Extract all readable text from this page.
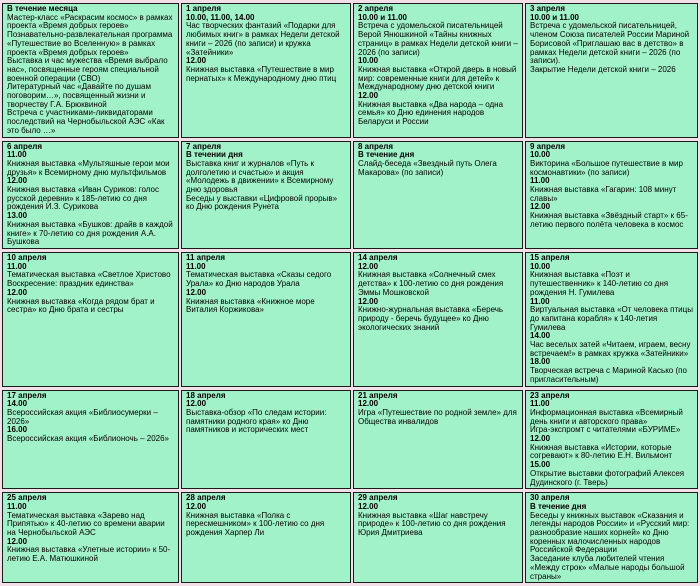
В течение месяца
Мастер-класс «Раскрасим космос» в рамках проекта «Время добрых героев»
Познавательно-развлекательная программа «Путешествие во Вселенную» в рамках проекта «Время добрых героев»
Выставка и час мужества «Время выбрало нас», посвященные героям специальной военной операции (СВО)
Литературный час «Давайте по душам поговорим…», посвященный жизни и творчеству Г.А. Брюквиной
Встреча с участниками-ликвидаторами последствий на Чернобыльской АЭС «Как это было …»

1 апреля
10.00, 11.00, 14.00
Час творческих фантазий «Подарки для любимых книг» в рамках Недели детской книги – 2026 (по записи) и кружка «Затейники»
12.00
Книжная выставка «Путешествие в мир пернатых» к Международному дню птиц

2 апреля
10.00 и 11.00
Встреча с удомельской писательницей Верой Янюшкиной «Тайны книжных страниц» в рамках Недели детской книги – 2026 (по записи)
10.00
Книжная выставка «Открой дверь в новый мир: современные книги для детей» к Международному дню детской книги
12.00
Книжная выставка «Два народа – одна семья» ко Дню единения народов Беларуси и России

3 апреля
10.00 и 11.00
Встреча с удомельской писательницей, членом Союза писателей России Мариной Борисовой «Приглашаю вас в детство» в рамках Недели детской книги – 2026 (по записи).
Закрытие Недели детской книги – 2026

6 апреля
11.00
Книжная выставка «Мультяшные герои мои друзья» к Всемирному дню мультфильмов
12.00
Книжная выставка «Иван Суриков: голос русской деревни» к 185-летию со дня рождения И.З. Сурикова
13.00
Книжная выставка «Бушков: драйв в каждой книге» к 70-летию со дня рождения А.А. Бушкова

7 апреля
В течении дня
Выставка книг и журналов «Путь к долголетию и счастью» и акция «Молодежь в движении» к Всемирному дню здоровья
Беседы у выставки «Цифровой прорыв» ко Дню рождения Рунета

8 апреля
В течение дня
Слайд-беседа «Звездный путь Олега Макарова» (по записи)

9 апреля
10.00
Викторина «Большое путешествие в мир космонавтики» (по записи)
11.00
Книжная выставка «Гагарин: 108 минут славы»
12.00
Книжная выставка «Звёздный старт» к 65-летию первого полёта человека в космос

10 апреля
11.00
Тематическая выставка «Светлое Христово Воскресение: праздник единства»
12.00
Книжная выставка «Когда рядом брат и сестра» ко Дню брата и сестры

11 апреля
11.00
Тематическая выставка «Сказы седого Урала» ко Дню народов Урала
12.00
Книжная выставка «Книжное море Виталия Коржикова»

14 апреля
12.00
Книжная выставка «Солнечный смех детства» к 100-летию со дня рождения Эммы Мошковской
12.00
Книжно-журнальная выставка «Беречь природу - беречь будущее» ко Дню экологических знаний

15 апреля
10.00
Книжная выставка «Поэт и путешественник» к 140-летию со дня рождения Н. Гумилева
11.00
Виртуальная выставка «От человека птицы до капитана корабля» к 140-летия Гумилева
14.00
Час веселых затей «Читаем, играем, весну встречаем!» в рамках кружка «Затейники»
18.00
Творческая встреча с Мариной Касько (по пригласительным)

17 апреля
14.00
Всероссийская акция «Библиосумерки – 2026»
16.00
Всероссийская акция «Библионочь – 2026»

18 апреля
12.00
Выставка-обзор «По следам истории: памятники родного края» ко Дню памятников и исторических мест

21 апреля
12.00
Игра «Путешествие по родной земле» для Общества инвалидов

23 апреля
11.00
Информационная выставка «Всемирный день книги и авторского права»
Игра-экспромт с читателями «БУРИМЕ»
12.00
Книжная выставка «Истории, которые согревают» к 80-летию Е.Н. Вильмонт
15.00
Открытие выставки фотографий Алексея Дудинского (г. Тверь)

25 апреля
11.00
Тематическая выставка «Зарево над Припятью» к 40-летию со времени аварии на Чернобыльской АЭС
12.00
Книжная выставка «Улетные истории» к 50-летию Е.А. Матюшкиной

28 апреля
12.00
Книжная выставка «Полка с пересмешником» к 100-летию со дня рождения Харпер Ли

29 апреля
12.00
Книжная выставка «Шаг навстречу природе» к 100-летию со дня рождения Юрия Дмитриева

30 апреля
В течение дня
Беседы у книжных выставок «Сказания и легенды народов России» и «Русский мир: разнообразие наших корней» ко Дню коренных малочисленных народов Российской Федерации
Заседание клуба любителей чтения «Между строк» «Малые народы большой страны»
